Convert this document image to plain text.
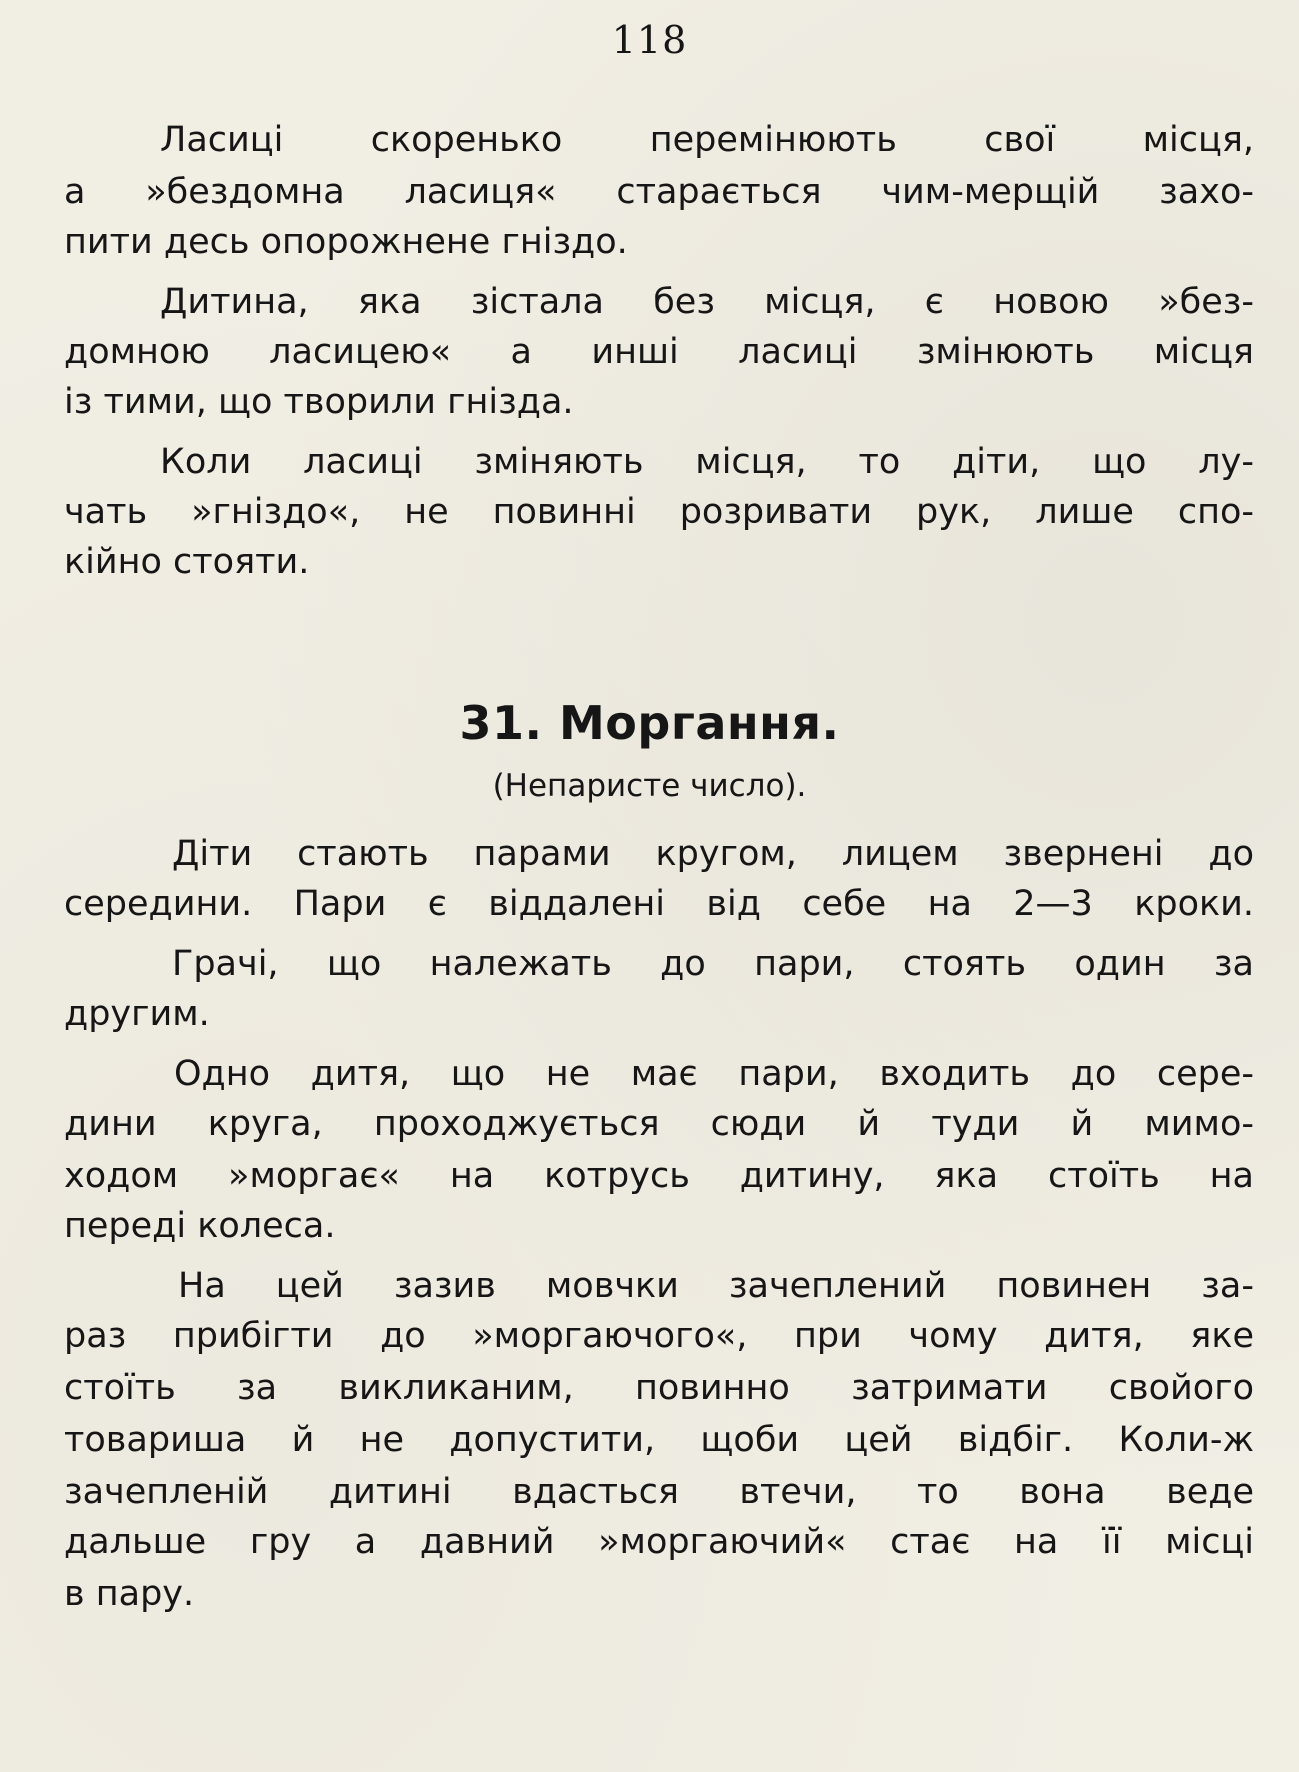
118
Ласиці скоренько перемінюють свої місця,
а »бездомна ласиця« старається чим-мерщій захо-
пити десь опорожнене гніздо.
Дитина, яка зістала без місця, є новою »без-
домною ласицею« а инші ласиці змінюють місця
із тими, що творили гнізда.
Коли ласиці зміняють місця, то діти, що лу-
чать »гніздо«, не повинні розривати рук, лише спо-
кійно стояти.
31. Моргання.
(Непаристе число).
Діти стають парами кругом, лицем звернені до
середини. Пари є віддалені від себе на 2—3 кроки.
Грачі, що належать до пари, стоять один за
другим.
Одно дитя, що не має пари, входить до сере-
дини круга, проходжується сюди й туди й мимо-
ходом »моргає« на котрусь дитину, яка стоїть на
переді колеса.
На цей зазив мовчки зачеплений повинен за-
раз прибігти до »моргаючого«, при чому дитя, яке
стоїть за викликаним, повинно затримати свойого
товариша й не допустити, щоби цей відбіг. Коли-ж
зачепленій дитині вдасться втечи, то вона веде
дальше гру а давний »моргаючий« стає на її місці
в пару.
